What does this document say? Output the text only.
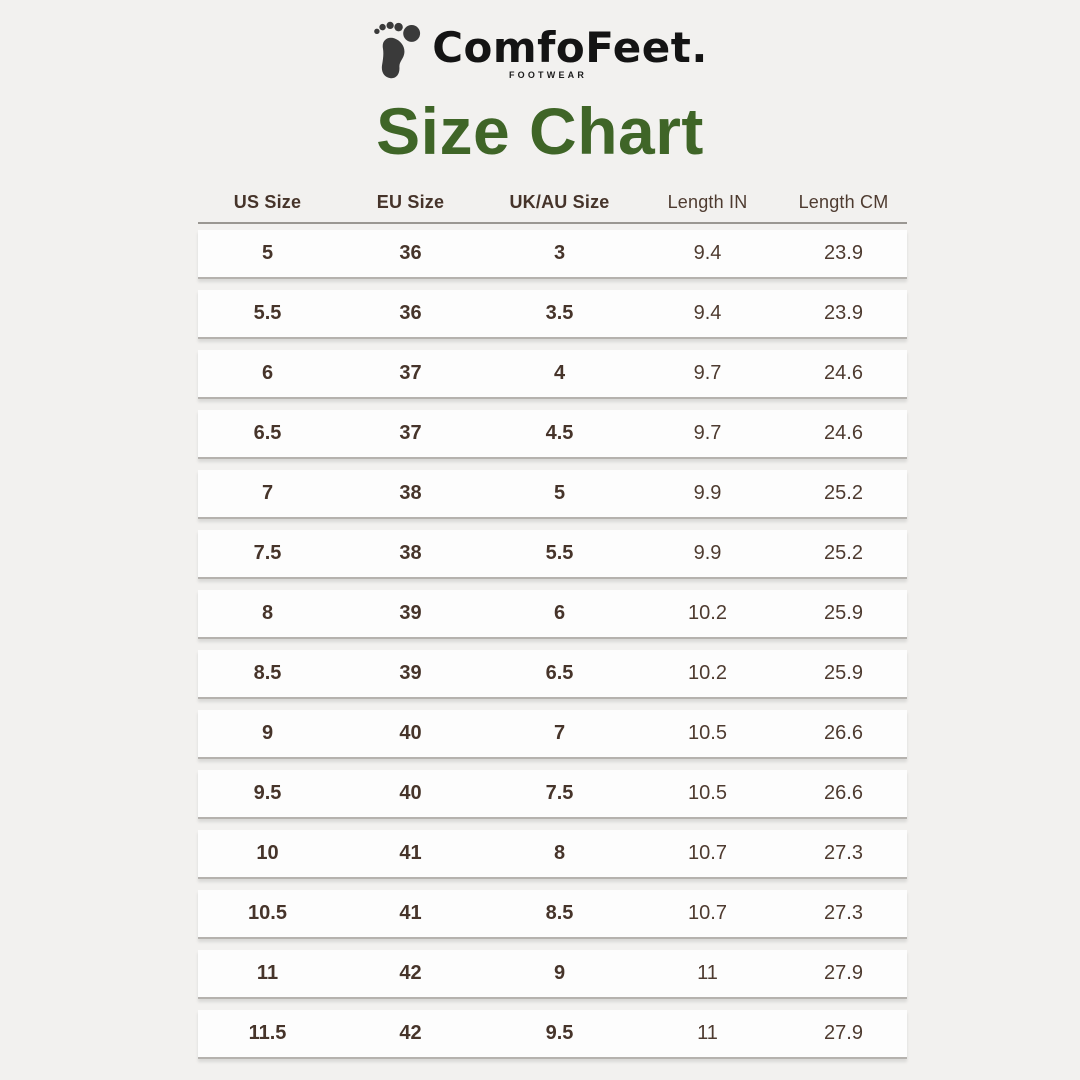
ComfoFeet.
FOOTWEAR
Size Chart
US Size	EU Size	UK/AU Size	Length IN	Length CM
5	36	3	9.4	23.9
5.5	36	3.5	9.4	23.9
6	37	4	9.7	24.6
6.5	37	4.5	9.7	24.6
7	38	5	9.9	25.2
7.5	38	5.5	9.9	25.2
8	39	6	10.2	25.9
8.5	39	6.5	10.2	25.9
9	40	7	10.5	26.6
9.5	40	7.5	10.5	26.6
10	41	8	10.7	27.3
10.5	41	8.5	10.7	27.3
11	42	9	11	27.9
11.5	42	9.5	11	27.9
